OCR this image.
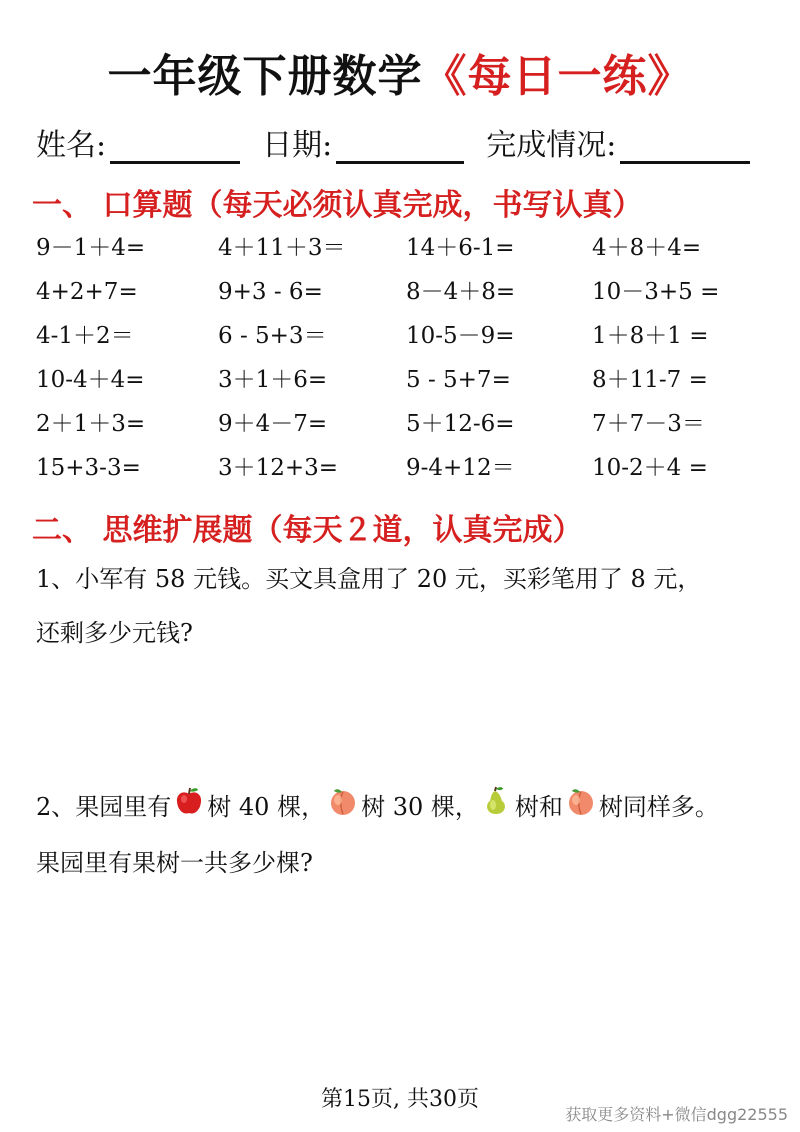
一年级下册数学《每日一练》
姓名:	日期:	完成情况:
一、 口算题（每天必须认真完成，书写认真）
9－1＋4=	4＋11＋3＝	14＋6-1=	4＋8＋4=
4+2+7=	9+3 - 6=	8－4＋8=	10－3+5 =
4-1＋2＝	6 - 5+3＝	10-5－9=	1＋8＋1 =
10-4＋4=	3＋1＋6=	5 - 5+7=	8＋11-7 =
2＋1＋3=	9＋4－7=	5＋12-6=	7＋7－3＝
15+3-3=	3＋12+3=	9-4+12＝	10-2＋4 =
二、 思维扩展题（每天２道，认真完成）
1、小军有 58 元钱。买文具盒用了 20 元，买彩笔用了 8 元，
还剩多少元钱?
2、果园里有 树 40 棵， 树 30 棵， 树和 树同样多。
果园里有果树一共多少棵?
第15页, 共30页
获取更多资料+微信dgg22555
